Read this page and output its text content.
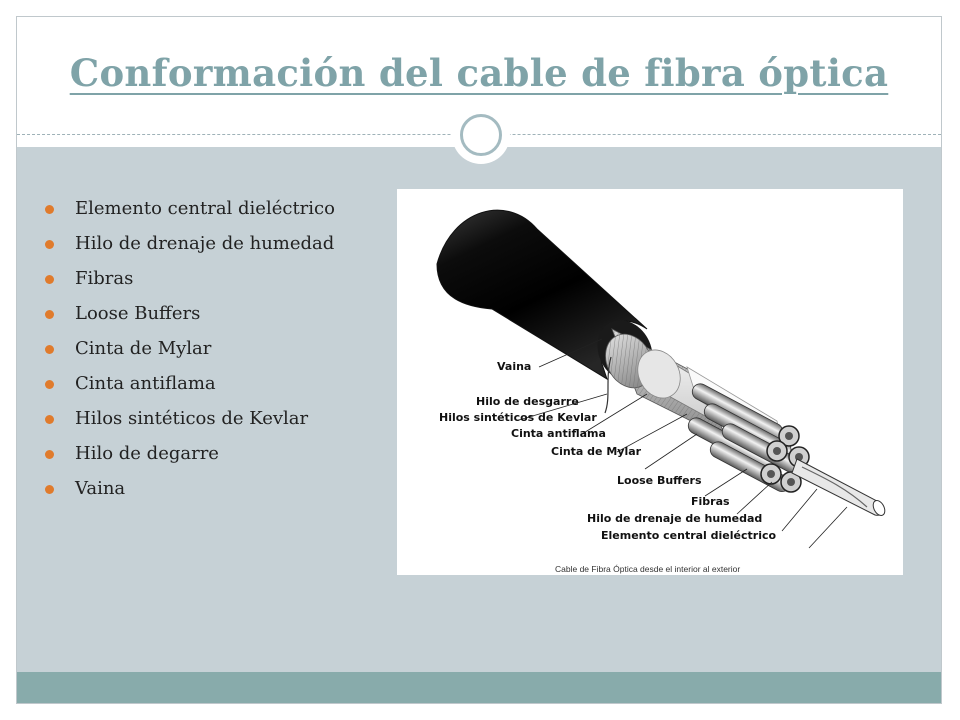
Conformación del cable de fibra óptica
Elemento central dieléctrico
Hilo de drenaje de humedad
Fibras
Loose Buffers
Cinta de Mylar
Cinta antiflama
Hilos sintéticos de Kevlar
Hilo de degarre
Vaina
Vaina
Hilo de desgarre
Hilos sintéticos de Kevlar
Cinta antiflama
Cinta de Mylar
Loose Buffers
Fibras
Hilo de drenaje de humedad
Elemento central dieléctrico
Cable de Fibra Óptica desde el interior al exterior
